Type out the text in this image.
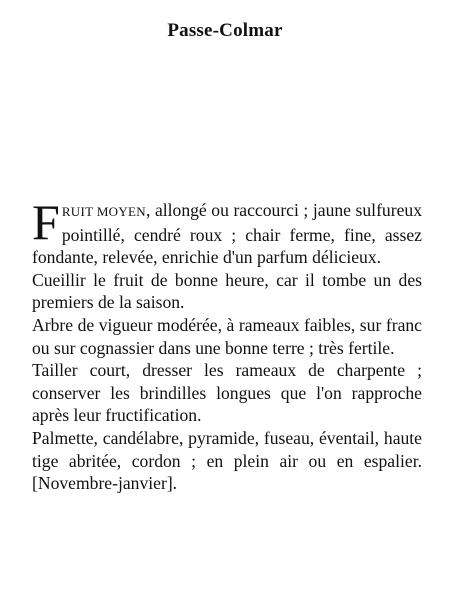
Passe-Colmar

FRUIT MOYEN, allongé ou raccourci ; jaune sulfureux pointillé, cendré roux ; chair ferme, fine, assez fondante, relevée, enrichie d'un parfum délicieux.

Cueillir le fruit de bonne heure, car il tombe un des premiers de la saison.

Arbre de vigueur modérée, à rameaux faibles, sur franc ou sur cognassier dans une bonne terre ; très fertile.

Tailler court, dresser les rameaux de charpente ; conserver les brindilles longues que l'on rapproche après leur fructification.

Palmette, candélabre, pyramide, fuseau, éventail, haute tige abritée, cordon ; en plein air ou en espalier. [Novembre-janvier].
